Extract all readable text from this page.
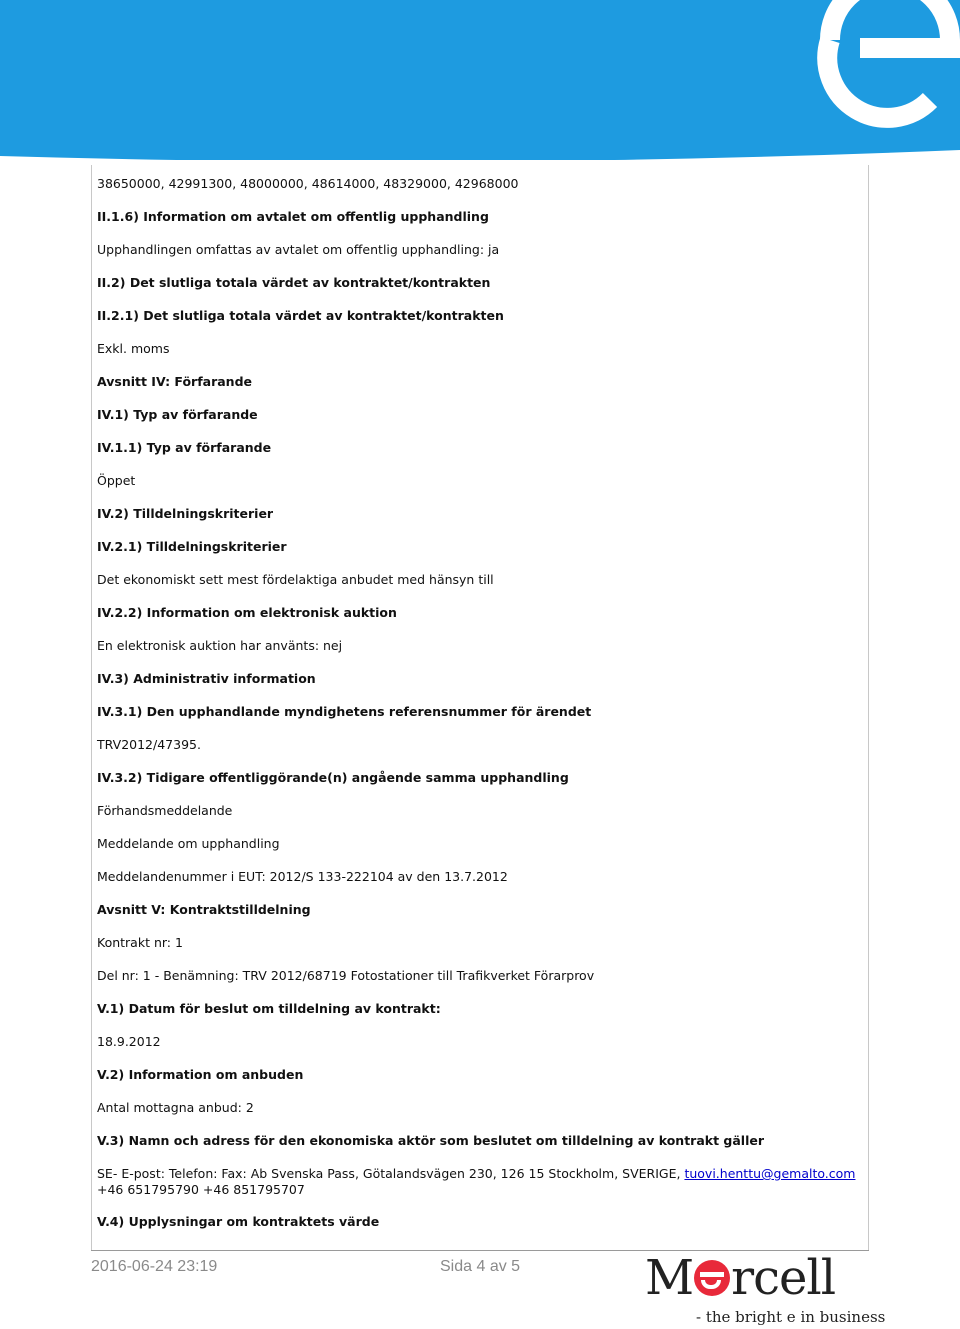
38650000, 42991300, 48000000, 48614000, 48329000, 42968000

II.1.6) Information om avtalet om offentlig upphandling

Upphandlingen omfattas av avtalet om offentlig upphandling: ja

II.2) Det slutliga totala värdet av kontraktet/kontrakten

II.2.1) Det slutliga totala värdet av kontraktet/kontrakten

Exkl. moms

Avsnitt IV: Förfarande

IV.1) Typ av förfarande

IV.1.1) Typ av förfarande

Öppet

IV.2) Tilldelningskriterier

IV.2.1) Tilldelningskriterier

Det ekonomiskt sett mest fördelaktiga anbudet med hänsyn till

IV.2.2) Information om elektronisk auktion

En elektronisk auktion har använts: nej

IV.3) Administrativ information

IV.3.1) Den upphandlande myndighetens referensnummer för ärendet

TRV2012/47395.

IV.3.2) Tidigare offentliggörande(n) angående samma upphandling

Förhandsmeddelande

Meddelande om upphandling

Meddelandenummer i EUT: 2012/S 133-222104 av den 13.7.2012

Avsnitt V: Kontraktstilldelning

Kontrakt nr: 1

Del nr: 1 - Benämning: TRV 2012/68719 Fotostationer till Trafikverket Förarprov

V.1) Datum för beslut om tilldelning av kontrakt:

18.9.2012

V.2) Information om anbuden

Antal mottagna anbud: 2

V.3) Namn och adress för den ekonomiska aktör som beslutet om tilldelning av kontrakt gäller

SE- E-post: Telefon: Fax: Ab Svenska Pass, Götalandsvägen 230, 126 15 Stockholm, SVERIGE, tuovi.henttu@gemalto.com +46 651795790 +46 851795707

V.4) Upplysningar om kontraktets värde

2016-06-24 23:19	Sida 4 av 5	M rcell
- the bright e in business
